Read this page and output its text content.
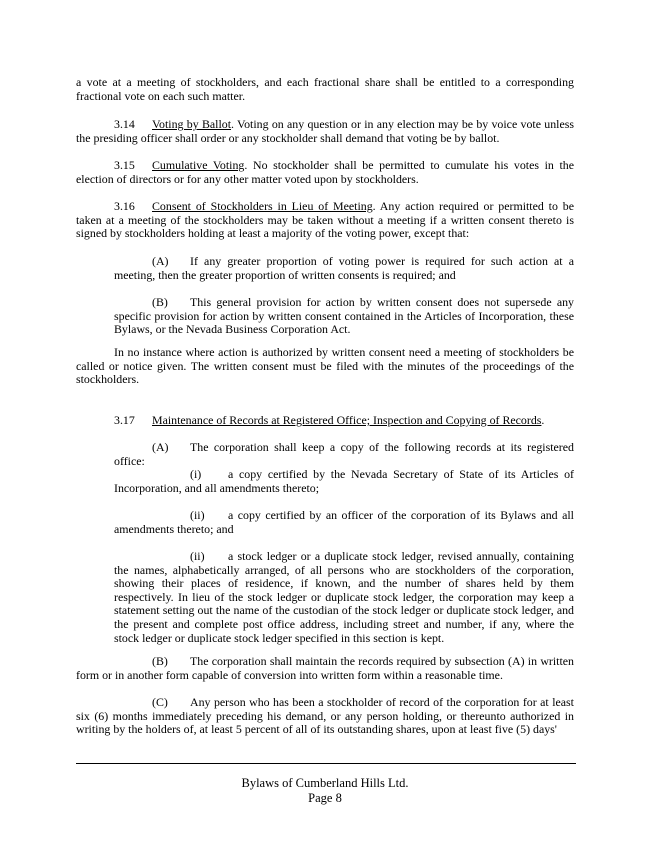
a vote at a meeting of stockholders, and each fractional share shall be entitled to a corresponding fractional vote on each such matter.

3.14 Voting by Ballot. Voting on any question or in any election may be by voice vote unless the presiding officer shall order or any stockholder shall demand that voting be by ballot.

3.15 Cumulative Voting. No stockholder shall be permitted to cumulate his votes in the election of directors or for any other matter voted upon by stockholders.

3.16 Consent of Stockholders in Lieu of Meeting. Any action required or permitted to be taken at a meeting of the stockholders may be taken without a meeting if a written consent thereto is signed by stockholders holding at least a majority of the voting power, except that:

(A) If any greater proportion of voting power is required for such action at a meeting, then the greater proportion of written consents is required; and

(B) This general provision for action by written consent does not supersede any specific provision for action by written consent contained in the Articles of Incorporation, these Bylaws, or the Nevada Business Corporation Act.

In no instance where action is authorized by written consent need a meeting of stockholders be called or notice given. The written consent must be filed with the minutes of the proceedings of the stockholders.

3.17 Maintenance of Records at Registered Office; Inspection and Copying of Records.

(A) The corporation shall keep a copy of the following records at its registered office:

(i) a copy certified by the Nevada Secretary of State of its Articles of Incorporation, and all amendments thereto;

(ii) a copy certified by an officer of the corporation of its Bylaws and all amendments thereto; and

(ii) a stock ledger or a duplicate stock ledger, revised annually, containing the names, alphabetically arranged, of all persons who are stockholders of the corporation, showing their places of residence, if known, and the number of shares held by them respectively. In lieu of the stock ledger or duplicate stock ledger, the corporation may keep a statement setting out the name of the custodian of the stock ledger or duplicate stock ledger, and the present and complete post office address, including street and number, if any, where the stock ledger or duplicate stock ledger specified in this section is kept.

(B) The corporation shall maintain the records required by subsection (A) in written form or in another form capable of conversion into written form within a reasonable time.

(C) Any person who has been a stockholder of record of the corporation for at least six (6) months immediately preceding his demand, or any person holding, or thereunto authorized in writing by the holders of, at least 5 percent of all of its outstanding shares, upon at least five (5) days'

Bylaws of Cumberland Hills Ltd.
Page 8
